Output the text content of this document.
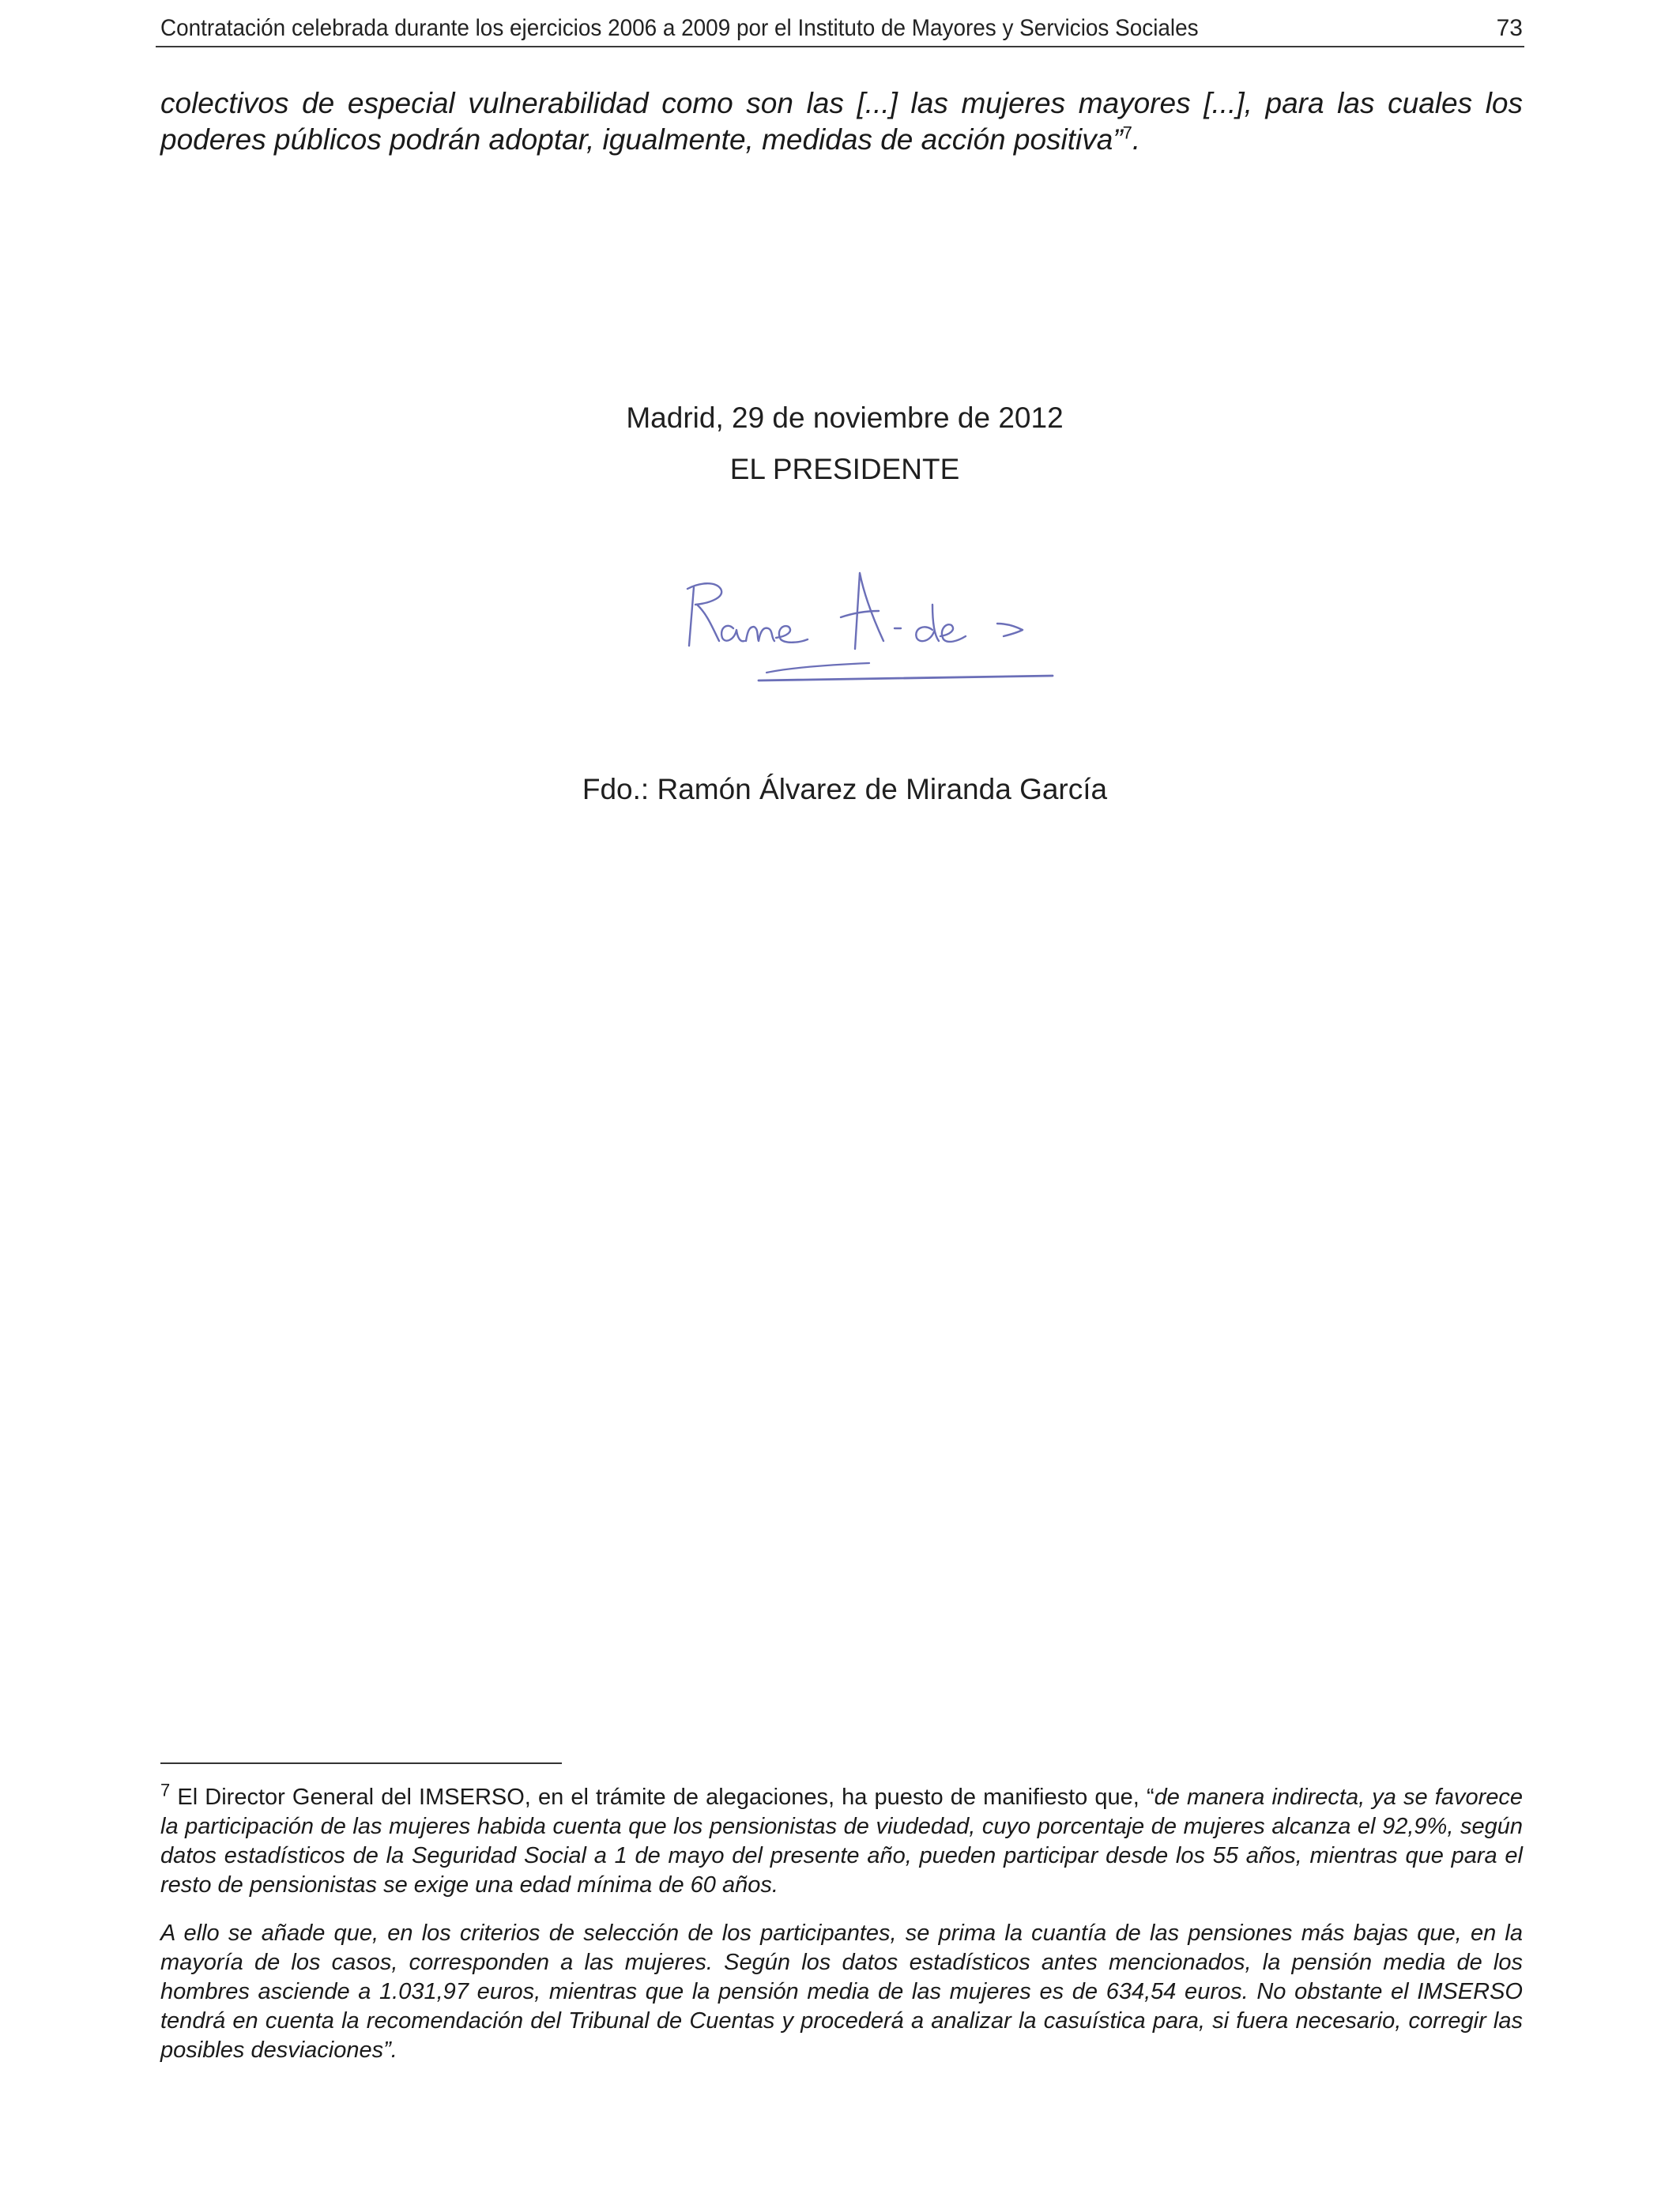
Contratación celebrada durante los ejercicios 2006 a 2009 por el Instituto de Mayores y Servicios Sociales	73
colectivos de especial vulnerabilidad como son las [...] las mujeres mayores [...], para las cuales los poderes públicos podrán adoptar, igualmente, medidas de acción positiva”$^7$.
Madrid, 29 de noviembre de 2012
EL PRESIDENTE
Fdo.: Ramón Álvarez de Miranda García
$^7$ El Director General del IMSERSO, en el trámite de alegaciones, ha puesto de manifiesto que, “de manera indirecta, ya se favorece la participación de las mujeres habida cuenta que los pensionistas de viudedad, cuyo porcentaje de mujeres alcanza el 92,9%, según datos estadísticos de la Seguridad Social a 1 de mayo del presente año, pueden participar desde los 55 años, mientras que para el resto de pensionistas se exige una edad mínima de 60 años.
A ello se añade que, en los criterios de selección de los participantes, se prima la cuantía de las pensiones más bajas que, en la mayoría de los casos, corresponden a las mujeres. Según los datos estadísticos antes mencionados, la pensión media de los hombres asciende a 1.031,97 euros, mientras que la pensión media de las mujeres es de 634,54 euros. No obstante el IMSERSO tendrá en cuenta la recomendación del Tribunal de Cuentas y procederá a analizar la casuística para, si fuera necesario, corregir las posibles desviaciones”.
